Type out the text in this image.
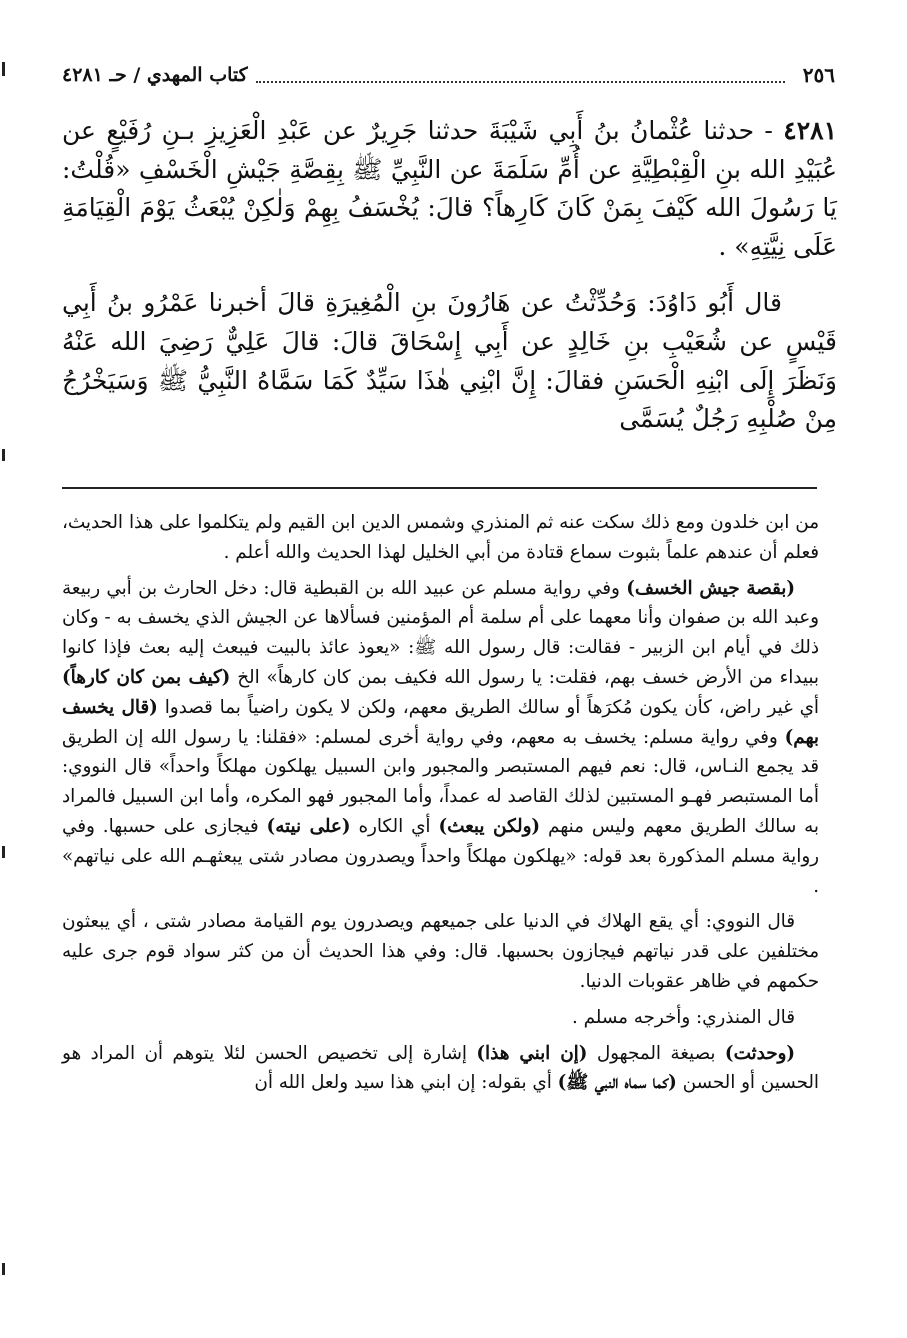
٢٥٦
كتاب المهدي / حـ ٤٢٨١

٤٢٨١ - حدثنا عُثْمانُ بنُ أَبِي شَيْبَةَ حدثنا جَرِيرٌ عن عَبْدِ الْعَزِيزِ بـنِ رُفَيْعٍ عن عُبَيْدِ الله بنِ الْقِبْطِيَّةِ عن أُمِّ سَلَمَةَ عن النَّبِيِّ ﷺ بِقِصَّةِ جَيْشِ الْخَسْفِ «قُلْتُ: يَا رَسُولَ الله كَيْفَ بِمَنْ كَانَ كَارِهاً؟ قالَ: يُخْسَفُ بِهِمْ وَلٰكِنْ يُبْعَثُ يَوْمَ الْقِيَامَةِ عَلَى نِيَّتِهِ» .

قال أَبُو دَاوُدَ: وَحُدِّثْتُ عن هَارُونَ بنِ الْمُغِيرَةِ قالَ أخبرنا عَمْرُو بنُ أَبِي قَيْسٍ عن شُعَيْبِ بنِ خَالِدٍ عن أَبِي إِسْحَاقَ قالَ: قالَ عَلِيٌّ رَضِيَ الله عَنْهُ وَنَظَرَ إِلَى ابْنِهِ الْحَسَنِ فقالَ: إِنَّ ابْنِي هٰذَا سَيِّدٌ كَمَا سَمَّاهُ النَّبِيُّ ﷺ وَسَيَخْرُجُ مِنْ صُلْبِهِ رَجُلٌ يُسَمَّى

من ابن خلدون ومع ذلك سكت عنه ثم المنذري وشمس الدين ابن القيم ولم يتكلموا على هذا الحديث، فعلم أن عندهم علماً بثبوت سماع قتادة من أبي الخليل لهذا الحديث والله أعلم .

(بقصة جيش الخسف) وفي رواية مسلم عن عبيد الله بن القبطية قال: دخل الحارث بن أبي ربيعة وعبد الله بن صفوان وأنا معهما على أم سلمة أم المؤمنين فسألاها عن الجيش الذي يخسف به - وكان ذلك في أيام ابن الزبير - فقالت: قال رسول الله ﷺ: «يعوذ عائذ بالبيت فيبعث إليه بعث فإذا كانوا ببيداء من الأرض خسف بهم، فقلت: يا رسول الله فكيف بمن كان كارهاً» الخ (كيف بمن كان كارهاً) أي غير راض، كأن يكون مُكرَهاً أو سالك الطريق معهم، ولكن لا يكون راضياً بما قصدوا (قال يخسف بهم) وفي رواية مسلم: يخسف به معهم، وفي رواية أخرى لمسلم: «فقلنا: يا رسول الله إن الطريق قد يجمع النـاس، قال: نعم فيهم المستبصر والمجبور وابن السبيل يهلكون مهلكاً واحداً» قال النووي: أما المستبصر فهـو المستبين لذلك القاصد له عمداً، وأما المجبور فهو المكره، وأما ابن السبيل فالمراد به سالك الطريق معهم وليس منهم (ولكن يبعث) أي الكاره (على نيته) فيجازى على حسبها. وفي رواية مسلم المذكورة بعد قوله: «يهلكون مهلكاً واحداً ويصدرون مصادر شتى يبعثهـم الله على نياتهم» .

قال النووي: أي يقع الهلاك في الدنيا على جميعهم ويصدرون يوم القيامة مصادر شتى ، أي يبعثون مختلفين على قدر نياتهم فيجازون بحسبها. قال: وفي هذا الحديث أن من كثر سواد قوم جرى عليه حكمهم في ظاهر عقوبات الدنيا.

قال المنذري: وأخرجه مسلم .

(وحدثت) بصيغة المجهول (إن ابني هذا) إشارة إلى تخصيص الحسن لئلا يتوهم أن المراد هو الحسين أو الحسن (كما سماه النبي ﷺ) أي بقوله: إن ابني هذا سيد ولعل الله أن
